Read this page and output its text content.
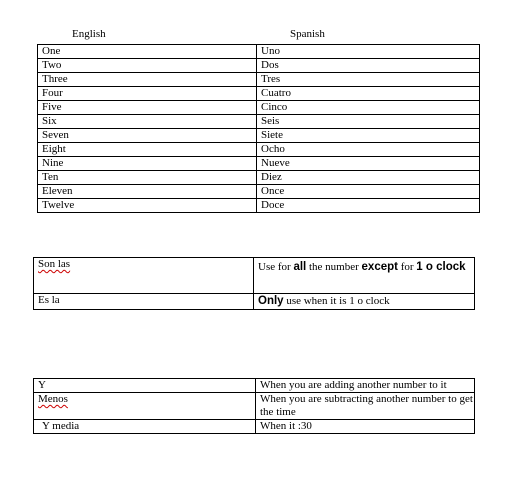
English	Spanish
One	Uno
Two	Dos
Three	Tres
Four	Cuatro
Five	Cinco
Six	Seis
Seven	Siete
Eight	Ocho
Nine	Nueve
Ten	Diez
Eleven	Once
Twelve	Doce
Son las	Use for all the number except for 1 o clock
Es la	Only use when it is 1 o clock
Y	When you are adding another number to it
Menos	When you are subtracting another number to get the time
Y media	When it :30
